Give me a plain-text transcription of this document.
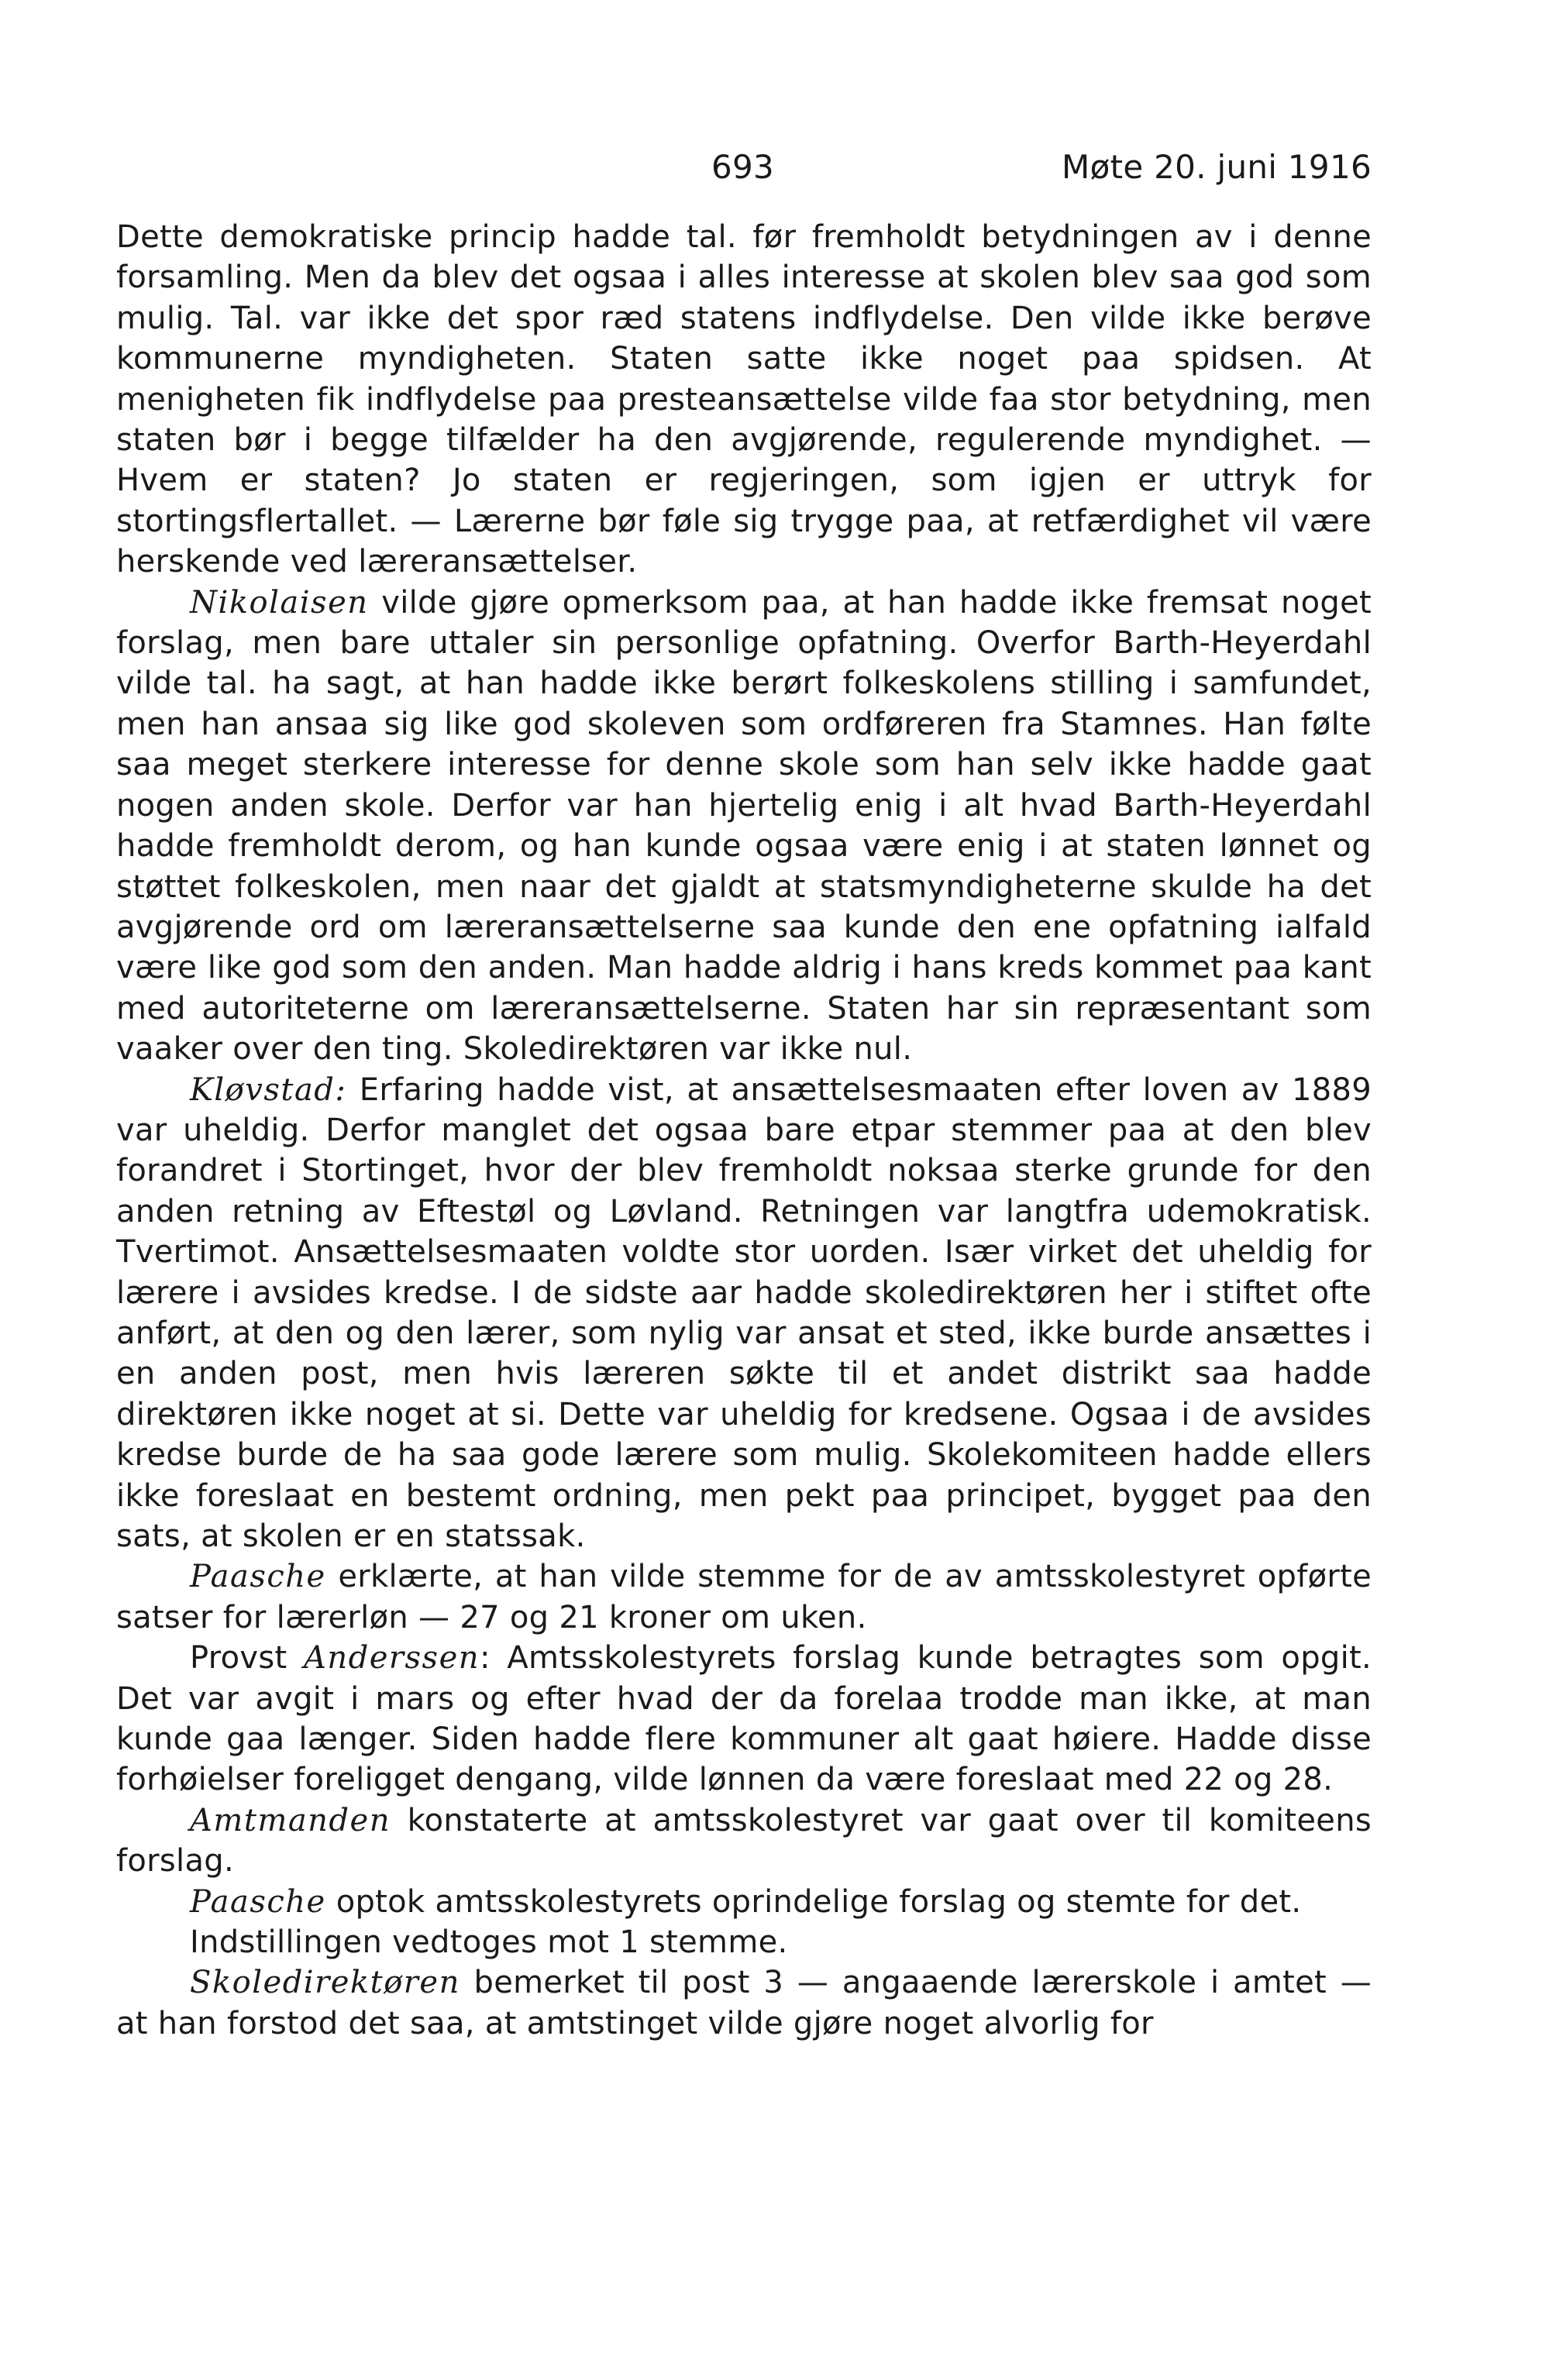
693	Møte 20. juni 1916

Dette demokratiske princip hadde tal. før fremholdt betydningen av i denne forsamling. Men da blev det ogsaa i alles interesse at skolen blev saa god som mulig. Tal. var ikke det spor ræd statens indflydelse. Den vilde ikke berøve kommunerne myndigheten. Staten satte ikke noget paa spidsen. At menigheten fik indflydelse paa presteansættelse vilde faa stor betydning, men staten bør i begge tilfælder ha den avgjørende, regulerende myndighet. — Hvem er staten? Jo staten er regjeringen, som igjen er uttryk for stortingsflertallet. — Lærerne bør føle sig trygge paa, at retfærdighet vil være herskende ved læreransættelser.

Nikolaisen vilde gjøre opmerksom paa, at han hadde ikke fremsat noget forslag, men bare uttaler sin personlige opfatning. Overfor Barth-Heyerdahl vilde tal. ha sagt, at han hadde ikke berørt folkeskolens stilling i samfundet, men han ansaa sig like god skoleven som ordføreren fra Stamnes. Han følte saa meget sterkere interesse for denne skole som han selv ikke hadde gaat nogen anden skole. Derfor var han hjertelig enig i alt hvad Barth-Heyerdahl hadde fremholdt derom, og han kunde ogsaa være enig i at staten lønnet og støttet folkeskolen, men naar det gjaldt at statsmyndigheterne skulde ha det avgjørende ord om læreransættelserne saa kunde den ene opfatning ialfald være like god som den anden. Man hadde aldrig i hans kreds kommet paa kant med autoriteterne om læreransættelserne. Staten har sin repræsentant som vaaker over den ting. Skoledirektøren var ikke nul.

Kløvstad: Erfaring hadde vist, at ansættelsesmaaten efter loven av 1889 var uheldig. Derfor manglet det ogsaa bare etpar stemmer paa at den blev forandret i Stortinget, hvor der blev fremholdt noksaa sterke grunde for den anden retning av Eftestøl og Løvland. Retningen var langtfra udemokratisk. Tvertimot. Ansættelsesmaaten voldte stor uorden. Især virket det uheldig for lærere i avsides kredse. I de sidste aar hadde skoledirektøren her i stiftet ofte anført, at den og den lærer, som nylig var ansat et sted, ikke burde ansættes i en anden post, men hvis læreren søkte til et andet distrikt saa hadde direktøren ikke noget at si. Dette var uheldig for kredsene. Ogsaa i de avsides kredse burde de ha saa gode lærere som mulig. Skolekomiteen hadde ellers ikke foreslaat en bestemt ordning, men pekt paa principet, bygget paa den sats, at skolen er en statssak.

Paasche erklærte, at han vilde stemme for de av amtsskolestyret opførte satser for lærerløn — 27 og 21 kroner om uken.

Provst Anderssen: Amtsskolestyrets forslag kunde betragtes som opgit. Det var avgit i mars og efter hvad der da forelaa trodde man ikke, at man kunde gaa længer. Siden hadde flere kommuner alt gaat høiere. Hadde disse forhøielser foreligget dengang, vilde lønnen da være foreslaat med 22 og 28.

Amtmanden konstaterte at amtsskolestyret var gaat over til komiteens forslag.

Paasche optok amtsskolestyrets oprindelige forslag og stemte for det.

Indstillingen vedtoges mot 1 stemme.

Skoledirektøren bemerket til post 3 — angaaende lærerskole i amtet — at han forstod det saa, at amtstinget vilde gjøre noget alvorlig for
